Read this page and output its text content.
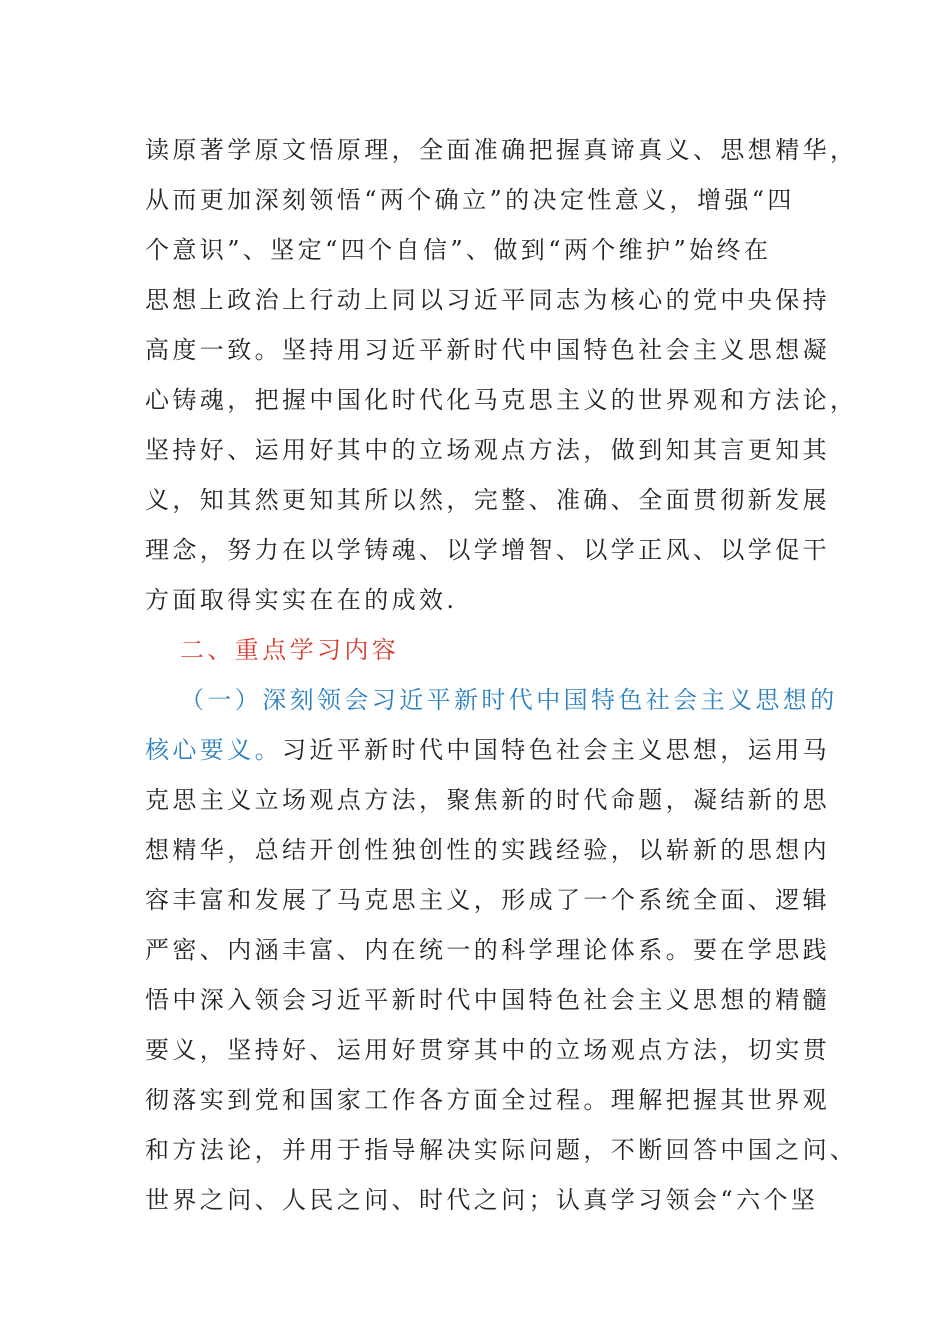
读原著学原文悟原理，全面准确把握真谛真义、思想精华，
从而更加深刻领悟“两个确立”的决定性意义，增强“四
个意识”、坚定“四个自信”、做到“两个维护”始终在
思想上政治上行动上同以习近平同志为核心的党中央保持
高度一致。坚持用习近平新时代中国特色社会主义思想凝
心铸魂，把握中国化时代化马克思主义的世界观和方法论，
坚持好、运用好其中的立场观点方法，做到知其言更知其
义，知其然更知其所以然，完整、准确、全面贯彻新发展
理念，努力在以学铸魂、以学增智、以学正风、以学促干
方面取得实实在在的成效.
二、重点学习内容
（一）深刻领会习近平新时代中国特色社会主义思想的
核心要义。习近平新时代中国特色社会主义思想，运用马
克思主义立场观点方法，聚焦新的时代命题，凝结新的思
想精华，总结开创性独创性的实践经验，以崭新的思想内
容丰富和发展了马克思主义，形成了一个系统全面、逻辑
严密、内涵丰富、内在统一的科学理论体系。要在学思践
悟中深入领会习近平新时代中国特色社会主义思想的精髓
要义，坚持好、运用好贯穿其中的立场观点方法，切实贯
彻落实到党和国家工作各方面全过程。理解把握其世界观
和方法论，并用于指导解决实际问题，不断回答中国之问、
世界之问、人民之问、时代之问；认真学习领会“六个坚
